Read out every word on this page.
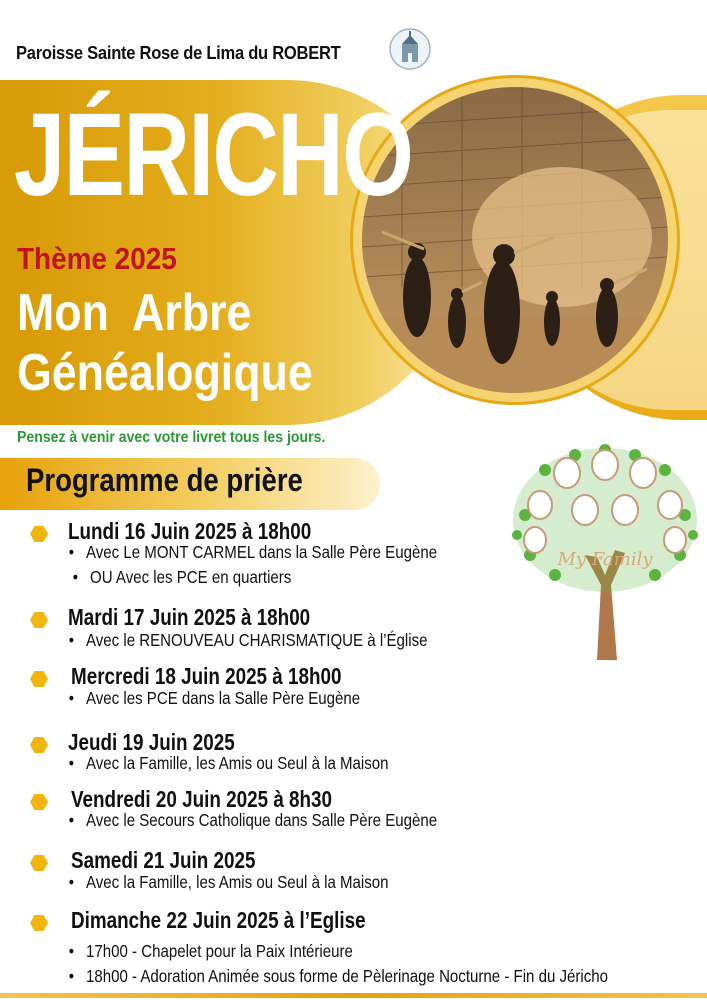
Paroisse Sainte Rose de Lima du ROBERT
JÉRICHO
Thème 2025
Mon  Arbre
Généalogique
Pensez à venir avec votre livret tous les jours.
Programme de prière
My Family
Lundi 16 Juin 2025 à 18h00
• Avec Le MONT CARMEL dans la Salle Père Eugène
• OU Avec les PCE en quartiers
Mardi 17 Juin 2025 à 18h00
• Avec le RENOUVEAU CHARISMATIQUE à l’Église
Mercredi 18 Juin 2025 à 18h00
• Avec les PCE dans la Salle Père Eugène
Jeudi 19 Juin 2025
• Avec la Famille, les Amis ou Seul à la Maison
Vendredi 20 Juin 2025 à 8h30
• Avec le Secours Catholique dans Salle Père Eugène
Samedi 21 Juin 2025
• Avec la Famille, les Amis ou Seul à la Maison
Dimanche 22 Juin 2025 à l’Eglise
• 17h00 - Chapelet pour la Paix Intérieure
• 18h00 - Adoration Animée sous forme de Pèlerinage Nocturne - Fin du Jéricho
